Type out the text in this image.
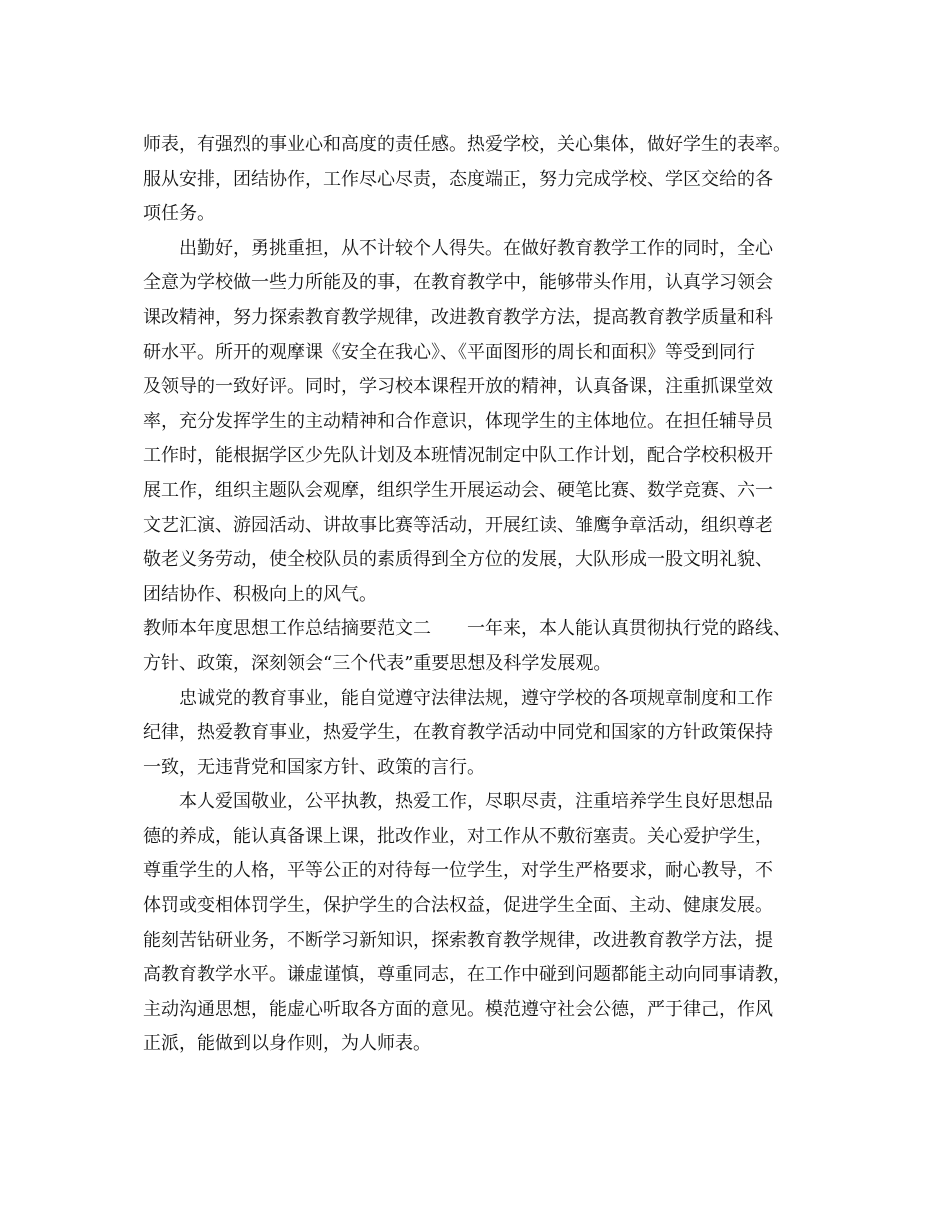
师表，有强烈的事业心和高度的责任感。热爱学校，关心集体，做好学生的表率。
服从安排，团结协作，工作尽心尽责，态度端正，努力完成学校、学区交给的各
项任务。
　　出勤好，勇挑重担，从不计较个人得失。在做好教育教学工作的同时，全心
全意为学校做一些力所能及的事，在教育教学中，能够带头作用，认真学习领会
课改精神，努力探索教育教学规律，改进教育教学方法，提高教育教学质量和科
研水平。所开的观摩课《安全在我心》、《平面图形的周长和面积》等受到同行
及领导的一致好评。同时，学习校本课程开放的精神，认真备课，注重抓课堂效
率，充分发挥学生的主动精神和合作意识，体现学生的主体地位。在担任辅导员
工作时，能根据学区少先队计划及本班情况制定中队工作计划，配合学校积极开
展工作，组织主题队会观摩，组织学生开展运动会、硬笔比赛、数学竞赛、六一
文艺汇演、游园活动、讲故事比赛等活动，开展红读、雏鹰争章活动，组织尊老
敬老义务劳动，使全校队员的素质得到全方位的发展，大队形成一股文明礼貌、
团结协作、积极向上的风气。
教师本年度思想工作总结摘要范文二 一年来，本人能认真贯彻执行党的路线、
方针、政策，深刻领会“三个代表”重要思想及科学发展观。
　　忠诚党的教育事业，能自觉遵守法律法规，遵守学校的各项规章制度和工作
纪律，热爱教育事业，热爱学生，在教育教学活动中同党和国家的方针政策保持
一致，无违背党和国家方针、政策的言行。
　　本人爱国敬业，公平执教，热爱工作，尽职尽责，注重培养学生良好思想品
德的养成，能认真备课上课，批改作业，对工作从不敷衍塞责。关心爱护学生，
尊重学生的人格，平等公正的对待每一位学生，对学生严格要求，耐心教导，不
体罚或变相体罚学生，保护学生的合法权益，促进学生全面、主动、健康发展。
能刻苦钻研业务，不断学习新知识，探索教育教学规律，改进教育教学方法，提
高教育教学水平。谦虚谨慎，尊重同志，在工作中碰到问题都能主动向同事请教，
主动沟通思想，能虚心听取各方面的意见。模范遵守社会公德，严于律己，作风
正派，能做到以身作则，为人师表。
